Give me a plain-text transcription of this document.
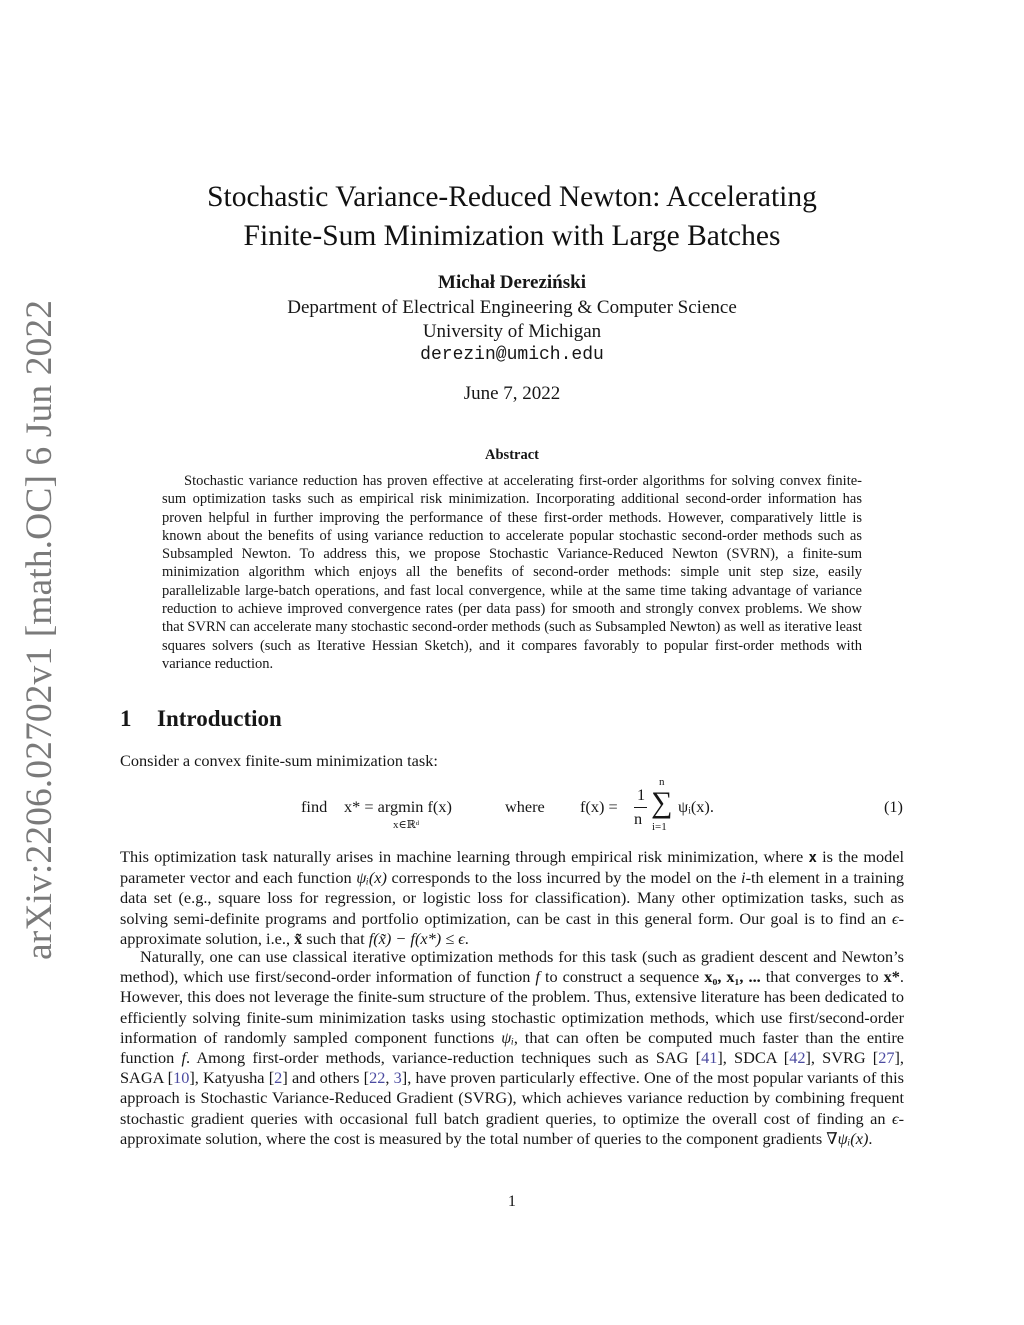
arXiv:2206.02702v1 [math.OC] 6 Jun 2022
Stochastic Variance-Reduced Newton: Accelerating
Finite-Sum Minimization with Large Batches
Michał Dereziński
Department of Electrical Engineering & Computer Science
University of Michigan
derezin@umich.edu
June 7, 2022
Abstract

Stochastic variance reduction has proven effective at accelerating first-order algorithms for solving convex finite-sum optimization tasks such as empirical risk minimization. Incorporating additional second-order information has proven helpful in further improving the performance of these first-order methods. However, comparatively little is known about the benefits of using variance reduction to accelerate popular stochastic second-order methods such as Subsampled Newton. To address this, we propose Stochastic Variance-Reduced Newton (SVRN), a finite-sum minimization algorithm which enjoys all the benefits of second-order methods: simple unit step size, easily parallelizable large-batch operations, and fast local convergence, while at the same time taking advantage of variance reduction to achieve improved convergence rates (per data pass) for smooth and strongly convex problems. We show that SVRN can accelerate many stochastic second-order methods (such as Subsampled Newton) as well as iterative least squares solvers (such as Iterative Hessian Sketch), and it compares favorably to popular first-order methods with variance reduction.

1 Introduction

Consider a convex finite-sum minimization task:

find x* = argmin f(x)
x∈ℝᵈ
where f(x) =
1
n
n
∑
i=1
ψᵢ(x).	(1)

This optimization task naturally arises in machine learning through empirical risk minimization, where x is the model parameter vector and each function ψᵢ(x) corresponds to the loss incurred by the model on the i-th element in a training data set (e.g., square loss for regression, or logistic loss for classification). Many other optimization tasks, such as solving semi-definite programs and portfolio optimization, can be cast in this general form. Our goal is to find an ϵ-approximate solution, i.e., x̃ such that f(x̃) − f(x*) ≤ ϵ.

Naturally, one can use classical iterative optimization methods for this task (such as gradient descent and Newton’s method), which use first/second-order information of function f to construct a sequence x₀, x₁, ... that converges to x*. However, this does not leverage the finite-sum structure of the problem. Thus, extensive literature has been dedicated to efficiently solving finite-sum minimization tasks using stochastic optimization methods, which use first/second-order information of randomly sampled component functions ψᵢ, that can often be computed much faster than the entire function f. Among first-order methods, variance-reduction techniques such as SAG [41], SDCA [42], SVRG [27], SAGA [10], Katyusha [2] and others [22, 3], have proven particularly effective. One of the most popular variants of this approach is Stochastic Variance-Reduced Gradient (SVRG), which achieves variance reduction by combining frequent stochastic gradient queries with occasional full batch gradient queries, to optimize the overall cost of finding an ϵ-approximate solution, where the cost is measured by the total number of queries to the component gradients ∇ψᵢ(x).

1
